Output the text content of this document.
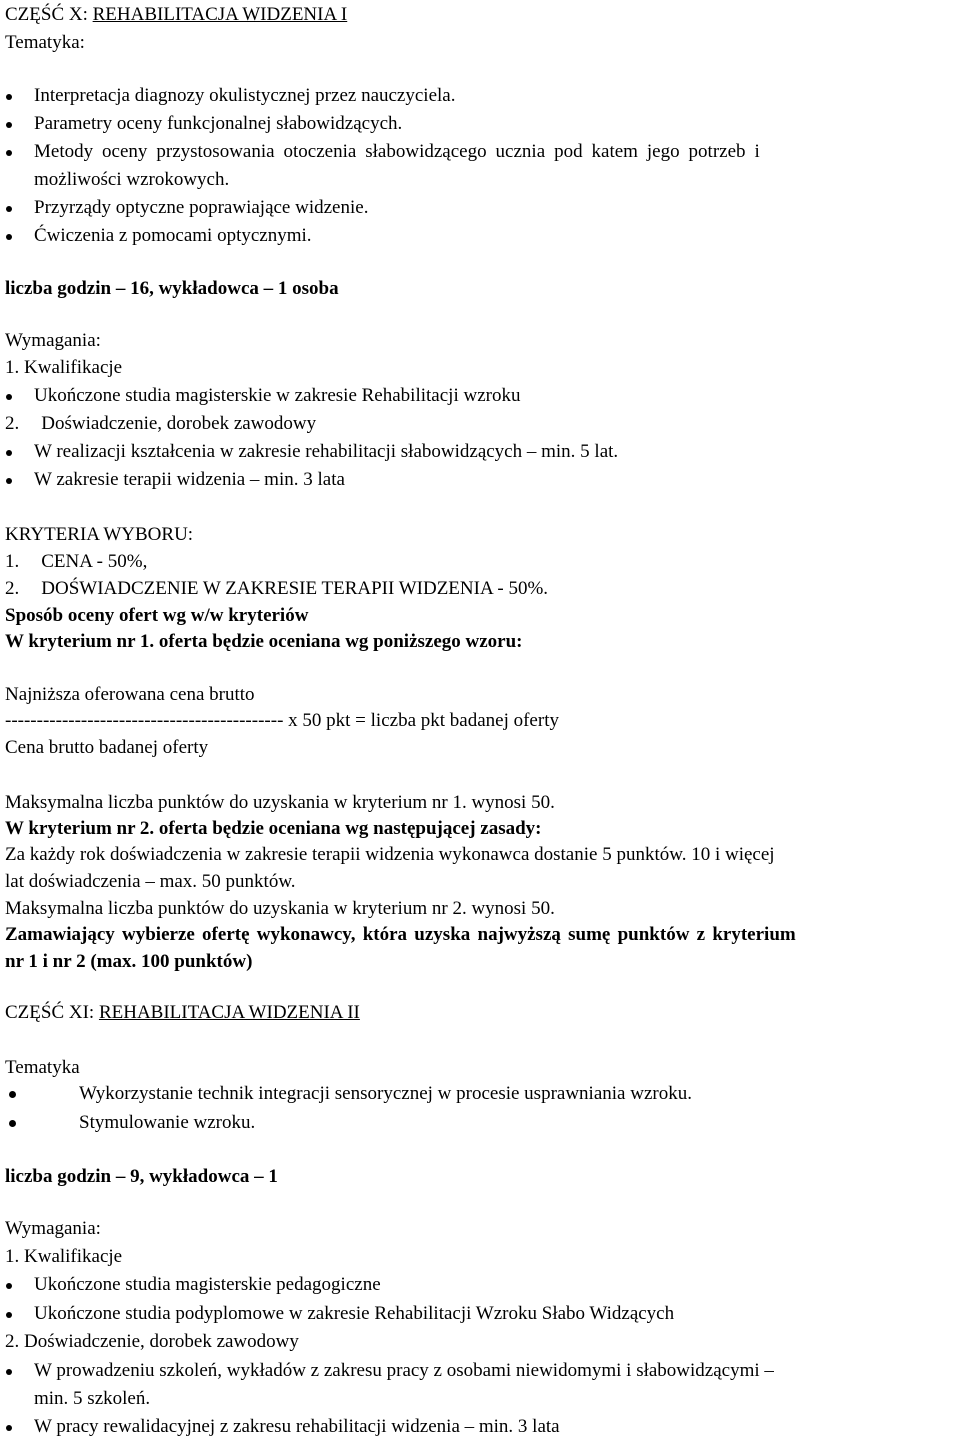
CZĘŚĆ X: REHABILITACJA WIDZENIA I
Tematyka:
Interpretacja diagnozy okulistycznej przez nauczyciela.
Parametry oceny funkcjonalnej słabowidzących.
Metody oceny przystosowania otoczenia słabowidzącego ucznia pod katem jego potrzeb i
możliwości wzrokowych.
Przyrządy optyczne poprawiające widzenie.
Ćwiczenia z pomocami optycznymi.
liczba godzin – 16, wykładowca – 1 osoba
Wymagania:
1. Kwalifikacje
Ukończone studia magisterskie w zakresie Rehabilitacji wzroku
2. Doświadczenie, dorobek zawodowy
W realizacji kształcenia w zakresie rehabilitacji słabowidzących – min. 5 lat.
W zakresie terapii widzenia – min. 3 lata
KRYTERIA WYBORU:
1. CENA - 50%,
2. DOŚWIADCZENIE W ZAKRESIE TERAPII WIDZENIA - 50%.
Sposób oceny ofert wg w/w kryteriów
W kryterium nr 1. oferta będzie oceniana wg poniższego wzoru:
Najniższa oferowana cena brutto
-------------------------------------------- x 50 pkt = liczba pkt badanej oferty
Cena brutto badanej oferty
Maksymalna liczba punktów do uzyskania w kryterium nr 1. wynosi 50.
W kryterium nr 2. oferta będzie oceniana wg następującej zasady:
Za każdy rok doświadczenia w zakresie terapii widzenia wykonawca dostanie 5 punktów. 10 i więcej
lat doświadczenia – max. 50 punktów.
Maksymalna liczba punktów do uzyskania w kryterium nr 2. wynosi 50.
Zamawiający wybierze ofertę wykonawcy, która uzyska najwyższą sumę punktów z kryterium
nr 1 i nr 2 (max. 100 punktów)
CZĘŚĆ XI: REHABILITACJA WIDZENIA II
Tematyka
Wykorzystanie technik integracji sensorycznej w procesie usprawniania wzroku.
Stymulowanie wzroku.
liczba godzin – 9, wykładowca – 1
Wymagania:
1. Kwalifikacje
Ukończone studia magisterskie pedagogiczne
Ukończone studia podyplomowe w zakresie Rehabilitacji Wzroku Słabo Widzących
2. Doświadczenie, dorobek zawodowy
W prowadzeniu szkoleń, wykładów z zakresu pracy z osobami niewidomymi i słabowidzącymi –
min. 5 szkoleń.
W pracy rewalidacyjnej z zakresu rehabilitacji widzenia – min. 3 lata
